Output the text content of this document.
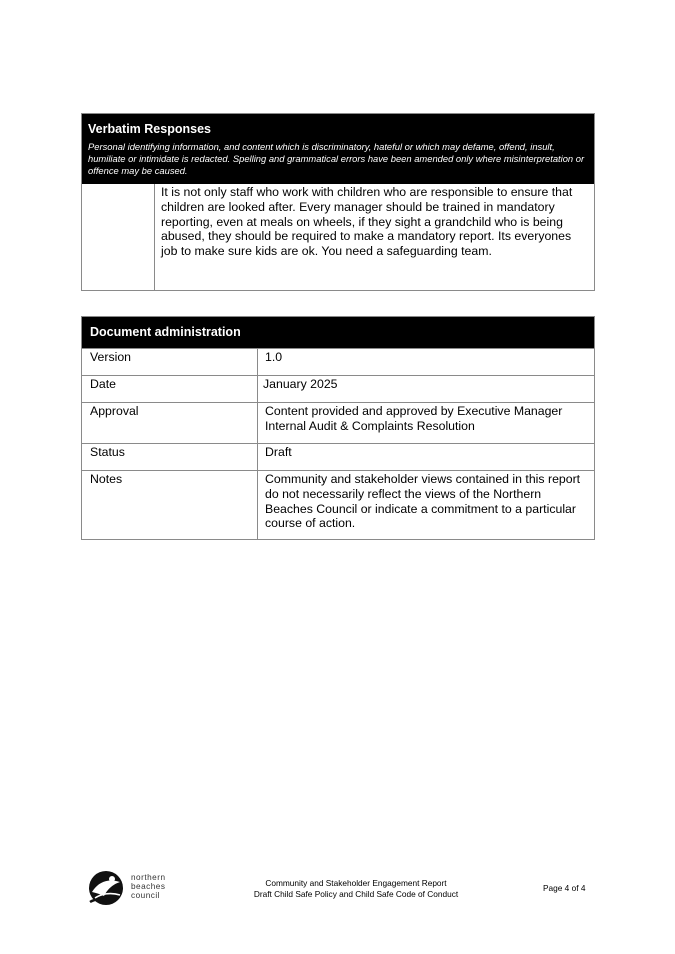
Verbatim Responses
Personal identifying information, and content which is discriminatory, hateful or which may defame, offend, insult, humiliate or intimidate is redacted. Spelling and grammatical errors have been amended only where misinterpretation or offence may be caused.
It is not only staff who work with children who are responsible to ensure that children are looked after. Every manager should be trained in mandatory reporting, even at meals on wheels, if they sight a grandchild who is being abused, they should be required to make a mandatory report. Its everyones job to make sure kids are ok. You need a safeguarding team.
Document administration
Version	1.0
Date	January 2025
Approval	Content provided and approved by Executive Manager Internal Audit & Complaints Resolution
Status	Draft
Notes	Community and stakeholder views contained in this report do not necessarily reflect the views of the Northern Beaches Council or indicate a commitment to a particular course of action.
northern
beaches
council
Community and Stakeholder Engagement Report
Draft Child Safe Policy and Child Safe Code of Conduct
Page 4 of 4
